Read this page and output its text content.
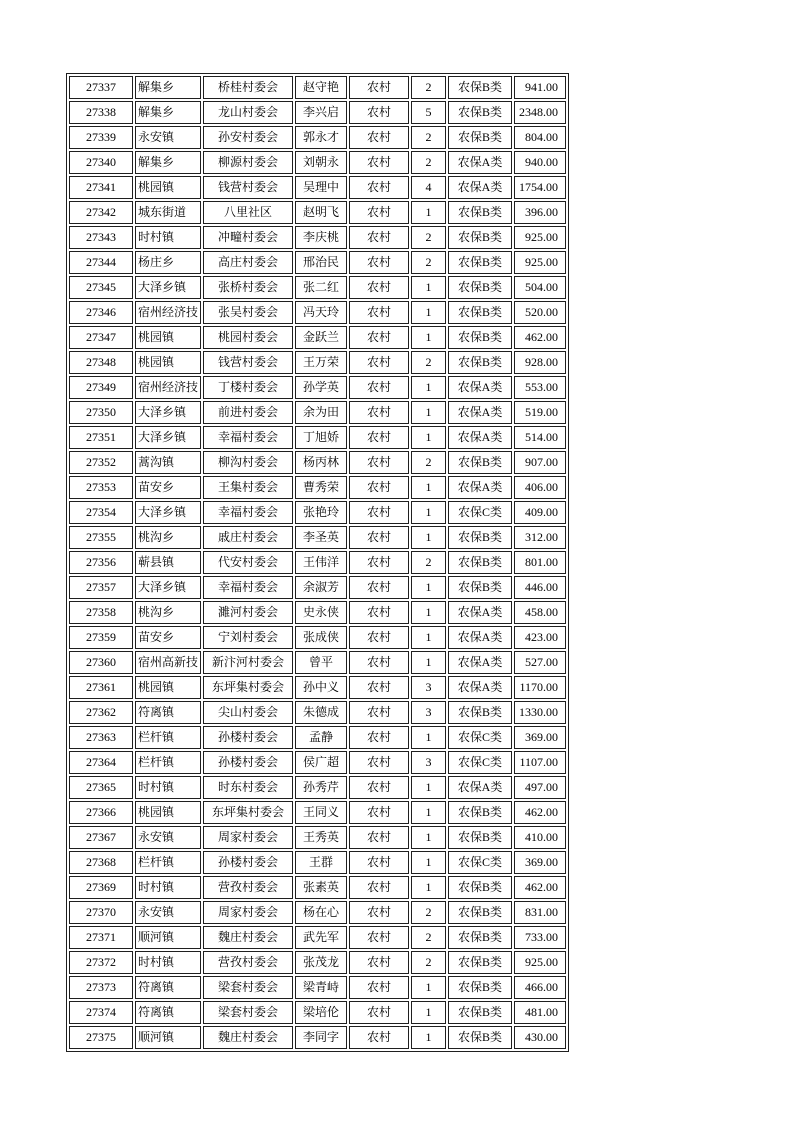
27337	解集乡	桥桂村委会	赵守艳	农村	2	农保B类	941.00
27338	解集乡	龙山村委会	李兴启	农村	5	农保B类	2348.00
27339	永安镇	孙安村委会	郭永才	农村	2	农保B类	804.00
27340	解集乡	柳源村委会	刘朝永	农村	2	农保A类	940.00
27341	桃园镇	钱营村委会	吴理中	农村	4	农保A类	1754.00
27342	城东街道	八里社区	赵明飞	农村	1	农保B类	396.00
27343	时村镇	冲疃村委会	李庆桃	农村	2	农保B类	925.00
27344	杨庄乡	高庄村委会	邢治民	农村	2	农保B类	925.00
27345	大泽乡镇	张桥村委会	张二红	农村	1	农保B类	504.00
27346	宿州经济技	张吴村委会	冯天玲	农村	1	农保B类	520.00
27347	桃园镇	桃园村委会	金跃兰	农村	1	农保B类	462.00
27348	桃园镇	钱营村委会	王万荣	农村	2	农保B类	928.00
27349	宿州经济技	丁楼村委会	孙学英	农村	1	农保A类	553.00
27350	大泽乡镇	前进村委会	余为田	农村	1	农保A类	519.00
27351	大泽乡镇	幸福村委会	丁旭娇	农村	1	农保A类	514.00
27352	蒿沟镇	柳沟村委会	杨丙林	农村	2	农保B类	907.00
27353	苗安乡	王集村委会	曹秀荣	农村	1	农保A类	406.00
27354	大泽乡镇	幸福村委会	张艳玲	农村	1	农保C类	409.00
27355	桃沟乡	戚庄村委会	李圣英	农村	1	农保B类	312.00
27356	蕲县镇	代安村委会	王伟洋	农村	2	农保B类	801.00
27357	大泽乡镇	幸福村委会	余淑芳	农村	1	农保B类	446.00
27358	桃沟乡	濉河村委会	史永侠	农村	1	农保A类	458.00
27359	苗安乡	宁刘村委会	张成侠	农村	1	农保A类	423.00
27360	宿州高新技	新汴河村委会	曾平	农村	1	农保A类	527.00
27361	桃园镇	东坪集村委会	孙中义	农村	3	农保A类	1170.00
27362	符离镇	尖山村委会	朱德成	农村	3	农保B类	1330.00
27363	栏杆镇	孙楼村委会	孟静	农村	1	农保C类	369.00
27364	栏杆镇	孙楼村委会	侯广超	农村	3	农保C类	1107.00
27365	时村镇	时东村委会	孙秀芹	农村	1	农保A类	497.00
27366	桃园镇	东坪集村委会	王同义	农村	1	农保B类	462.00
27367	永安镇	周家村委会	王秀英	农村	1	农保B类	410.00
27368	栏杆镇	孙楼村委会	王群	农村	1	农保C类	369.00
27369	时村镇	营孜村委会	张素英	农村	1	农保B类	462.00
27370	永安镇	周家村委会	杨在心	农村	2	农保B类	831.00
27371	顺河镇	魏庄村委会	武先军	农村	2	农保B类	733.00
27372	时村镇	营孜村委会	张茂龙	农村	2	农保B类	925.00
27373	符离镇	梁套村委会	梁青峙	农村	1	农保B类	466.00
27374	符离镇	梁套村委会	梁培伦	农村	1	农保B类	481.00
27375	顺河镇	魏庄村委会	李同字	农村	1	农保B类	430.00
